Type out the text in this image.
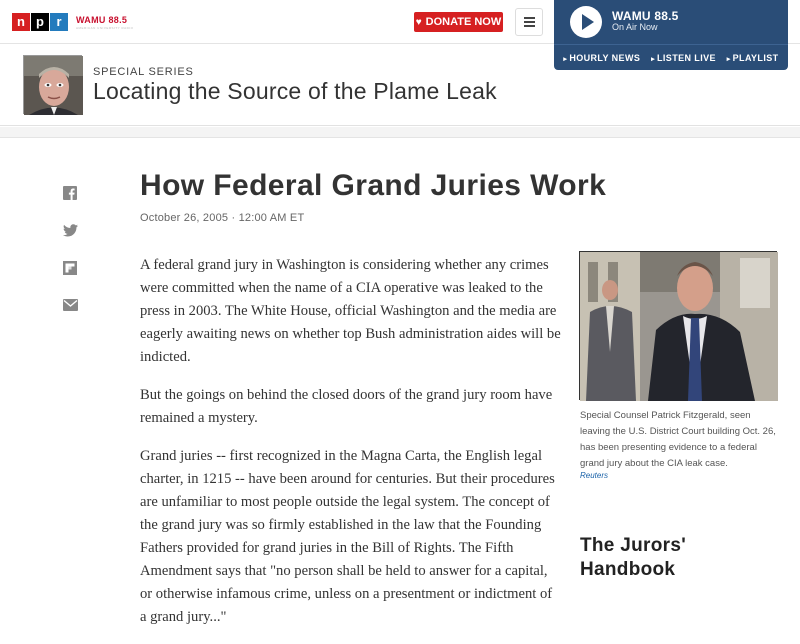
n p r	WAMU 88.5
AMERICAN UNIVERSITY RADIO
♥ DONATE NOW	WAMU 88.5
On Air Now
▸ HOURLY NEWS	▸ LISTEN LIVE	▸ PLAYLIST
SPECIAL SERIES
Locating the Source of the Plame Leak
How Federal Grand Juries Work
October 26, 2005 · 12:00 AM ET

A federal grand jury in Washington is considering whether any crimes were committed when the name of a CIA operative was leaked to the press in 2003. The White House, official Washington and the media are eagerly awaiting news on whether top Bush administration aides will be indicted.

But the goings on behind the closed doors of the grand jury room have remained a mystery.

Grand juries -- first recognized in the Magna Carta, the English legal charter, in 1215 -- have been around for centuries. But their procedures are unfamiliar to most people outside the legal system. The concept of the grand jury was so firmly established in the law that the Founding Fathers provided for grand juries in the Bill of Rights. The Fifth Amendment says that "no person shall be held to answer for a capital, or otherwise infamous crime, unless on a presentment or indictment of a grand jury..."

Special Counsel Patrick Fitzgerald, seen leaving the U.S. District Court building Oct. 26, has been presenting evidence to a federal grand jury about the CIA leak case.
Reuters
The Jurors' Handbook
